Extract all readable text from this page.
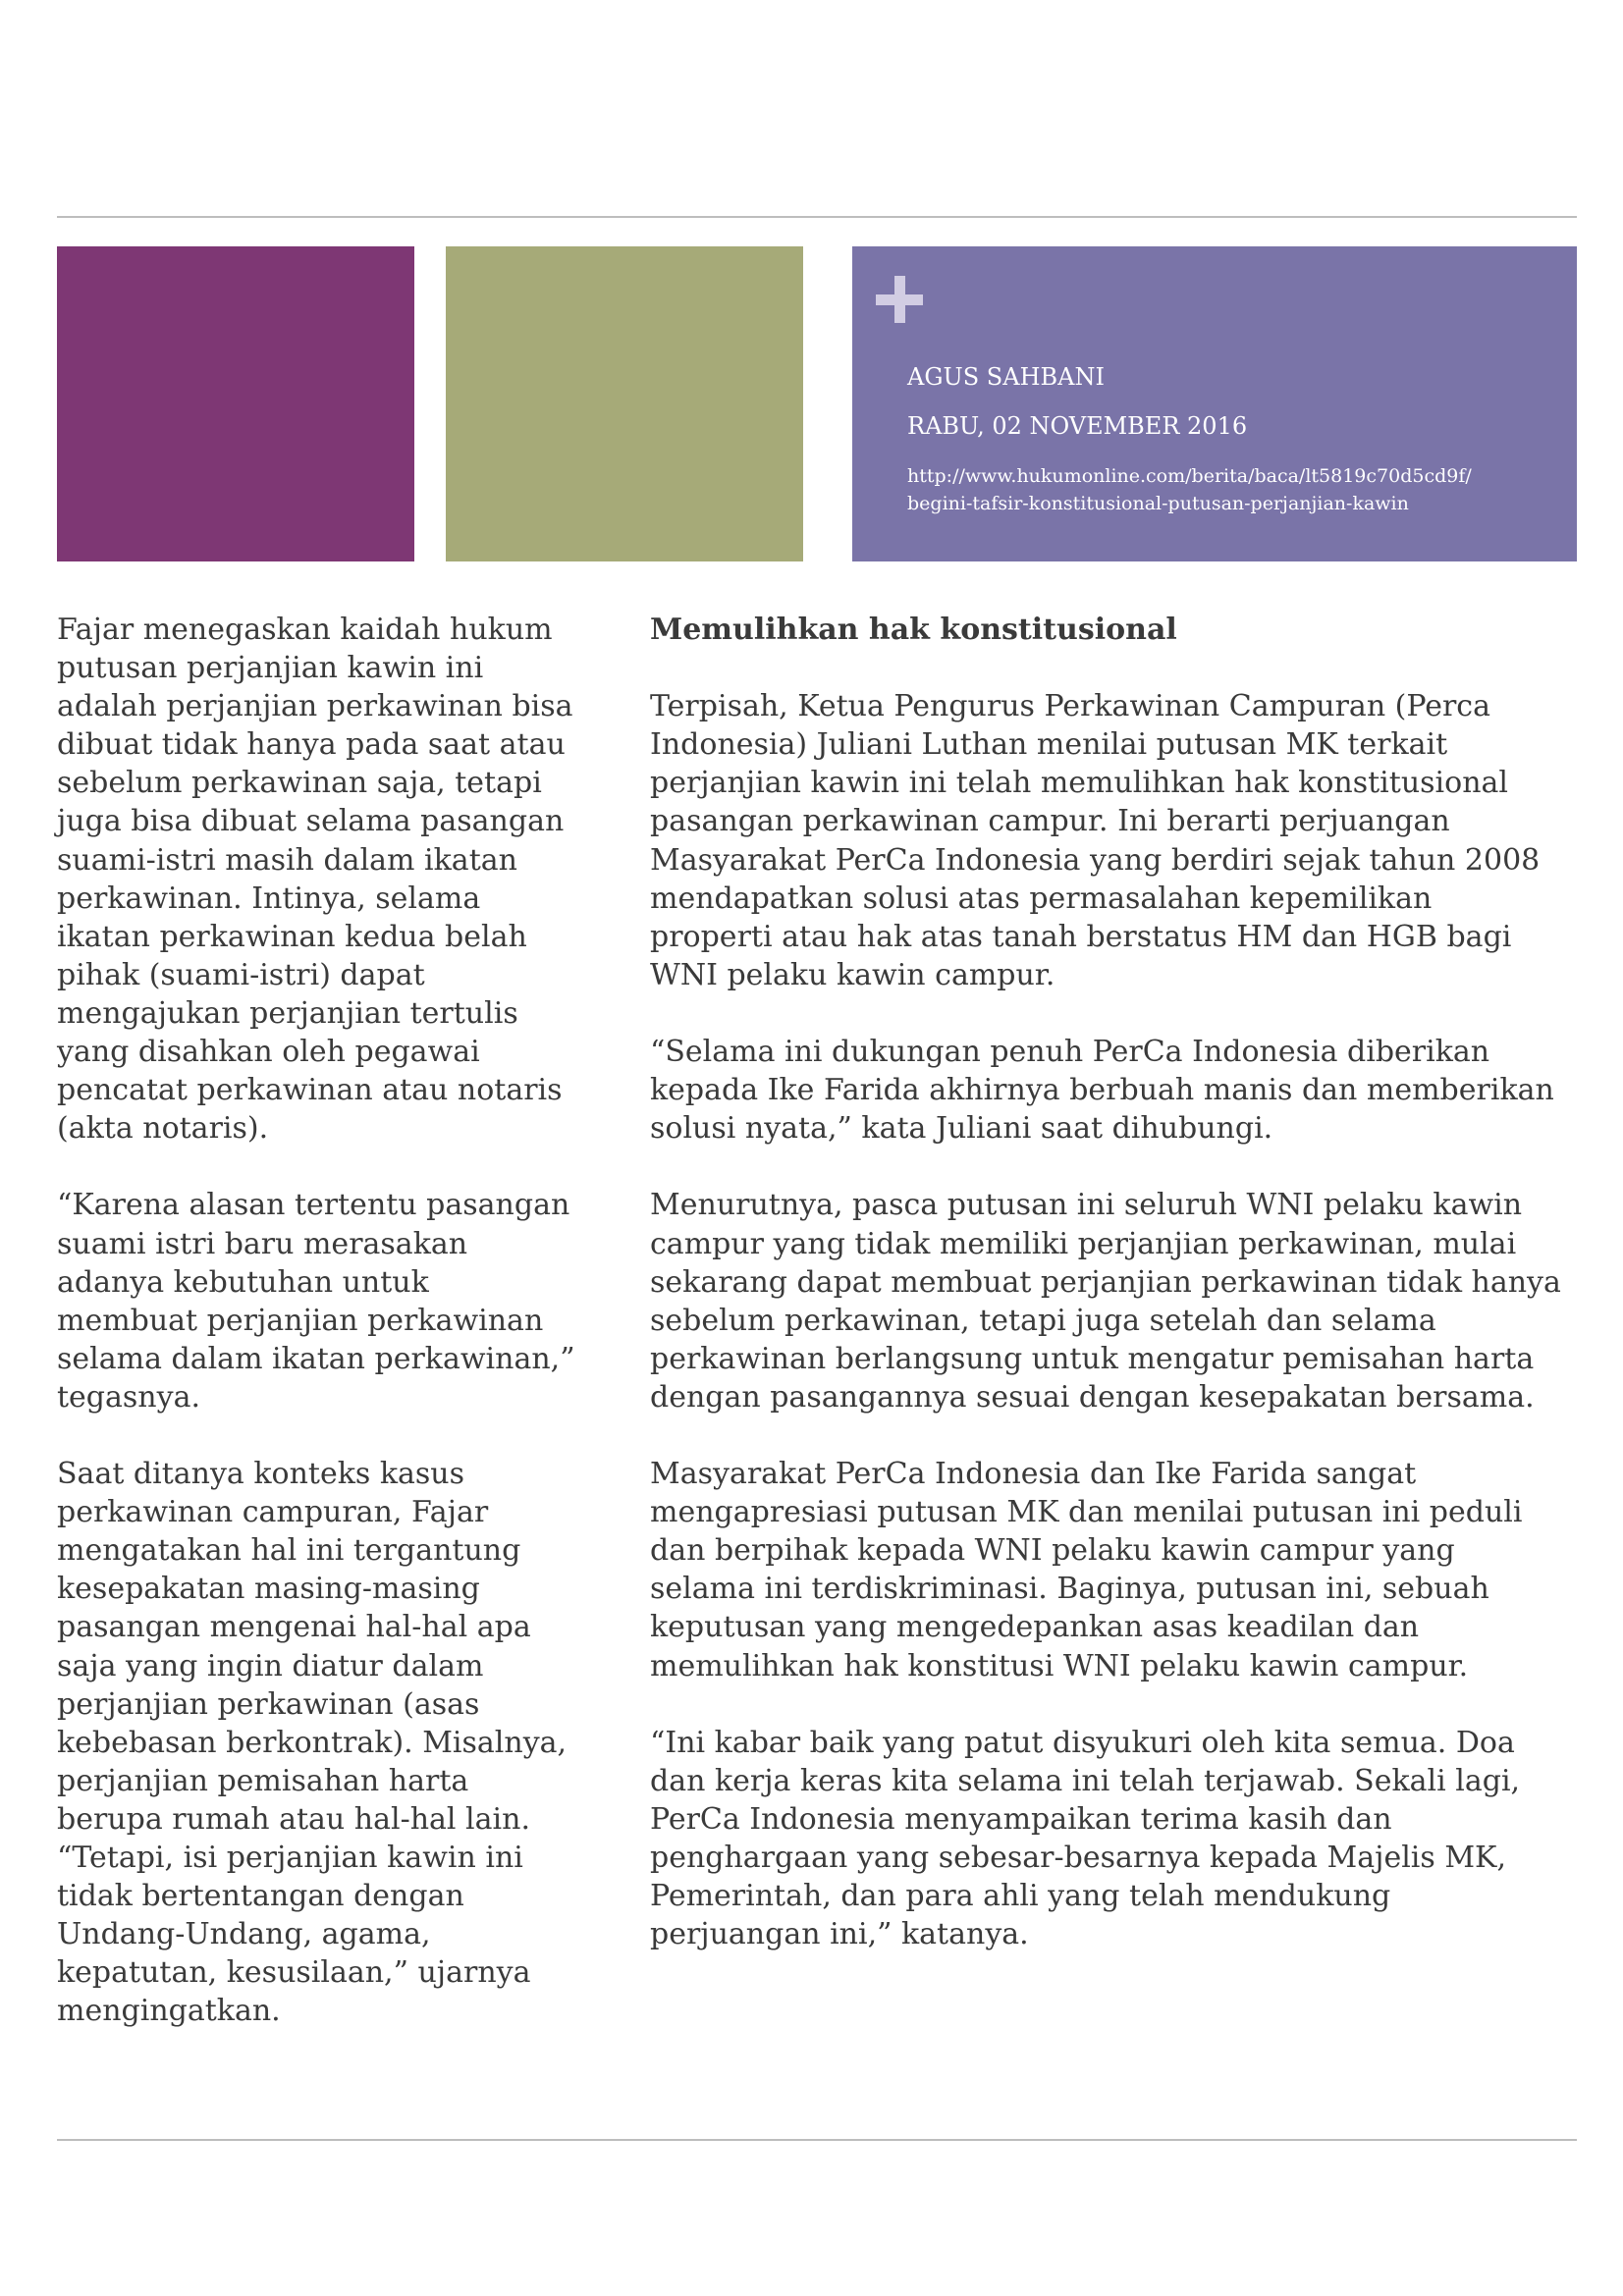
AGUS SAHBANI
RABU, 02 NOVEMBER 2016
http://www.hukumonline.com/berita/baca/lt5819c70d5cd9f/
begini-tafsir-konstitusional-putusan-perjanjian-kawin

Fajar menegaskan kaidah hukum putusan perjanjian kawin ini adalah perjanjian perkawinan bisa dibuat tidak hanya pada saat atau sebelum perkawinan saja, tetapi juga bisa dibuat selama pasangan suami-istri masih dalam ikatan perkawinan. Intinya, selama ikatan perkawinan kedua belah pihak (suami-istri) dapat mengajukan perjanjian tertulis yang disahkan oleh pegawai pencatat perkawinan atau notaris (akta notaris).

“Karena alasan tertentu pasangan suami istri baru merasakan adanya kebutuhan untuk membuat perjanjian perkawinan selama dalam ikatan perkawinan,” tegasnya.

Saat ditanya konteks kasus perkawinan campuran, Fajar mengatakan hal ini tergantung kesepakatan masing-masing pasangan mengenai hal-hal apa saja yang ingin diatur dalam perjanjian perkawinan (asas kebebasan berkontrak). Misalnya, perjanjian pemisahan harta berupa rumah atau hal-hal lain. “Tetapi, isi perjanjian kawin ini tidak bertentangan dengan Undang-Undang, agama, kepatutan, kesusilaan,” ujarnya mengingatkan.

Memulihkan hak konstitusional

Terpisah, Ketua Pengurus Perkawinan Campuran (Perca Indonesia) Juliani Luthan menilai putusan MK terkait perjanjian kawin ini telah memulihkan hak konstitusional pasangan perkawinan campur. Ini berarti perjuangan Masyarakat PerCa Indonesia yang berdiri sejak tahun 2008 mendapatkan solusi atas permasalahan kepemilikan properti atau hak atas tanah berstatus HM dan HGB bagi WNI pelaku kawin campur.

“Selama ini dukungan penuh PerCa Indonesia diberikan kepada Ike Farida akhirnya berbuah manis dan memberikan solusi nyata,” kata Juliani saat dihubungi.

Menurutnya, pasca putusan ini seluruh WNI pelaku kawin campur yang tidak memiliki perjanjian perkawinan, mulai sekarang dapat membuat perjanjian perkawinan tidak hanya sebelum perkawinan, tetapi juga setelah dan selama perkawinan berlangsung untuk mengatur pemisahan harta dengan pasangannya sesuai dengan kesepakatan bersama.

Masyarakat PerCa Indonesia dan Ike Farida sangat mengapresiasi putusan MK dan menilai putusan ini peduli dan berpihak kepada WNI pelaku kawin campur yang selama ini terdiskriminasi. Baginya, putusan ini, sebuah keputusan yang mengedepankan asas keadilan dan memulihkan hak konstitusi WNI pelaku kawin campur.

“Ini kabar baik yang patut disyukuri oleh kita semua. Doa dan kerja keras kita selama ini telah terjawab. Sekali lagi, PerCa Indonesia menyampaikan terima kasih dan penghargaan yang sebesar-besarnya kepada Majelis MK, Pemerintah, dan para ahli yang telah mendukung perjuangan ini,” katanya.
